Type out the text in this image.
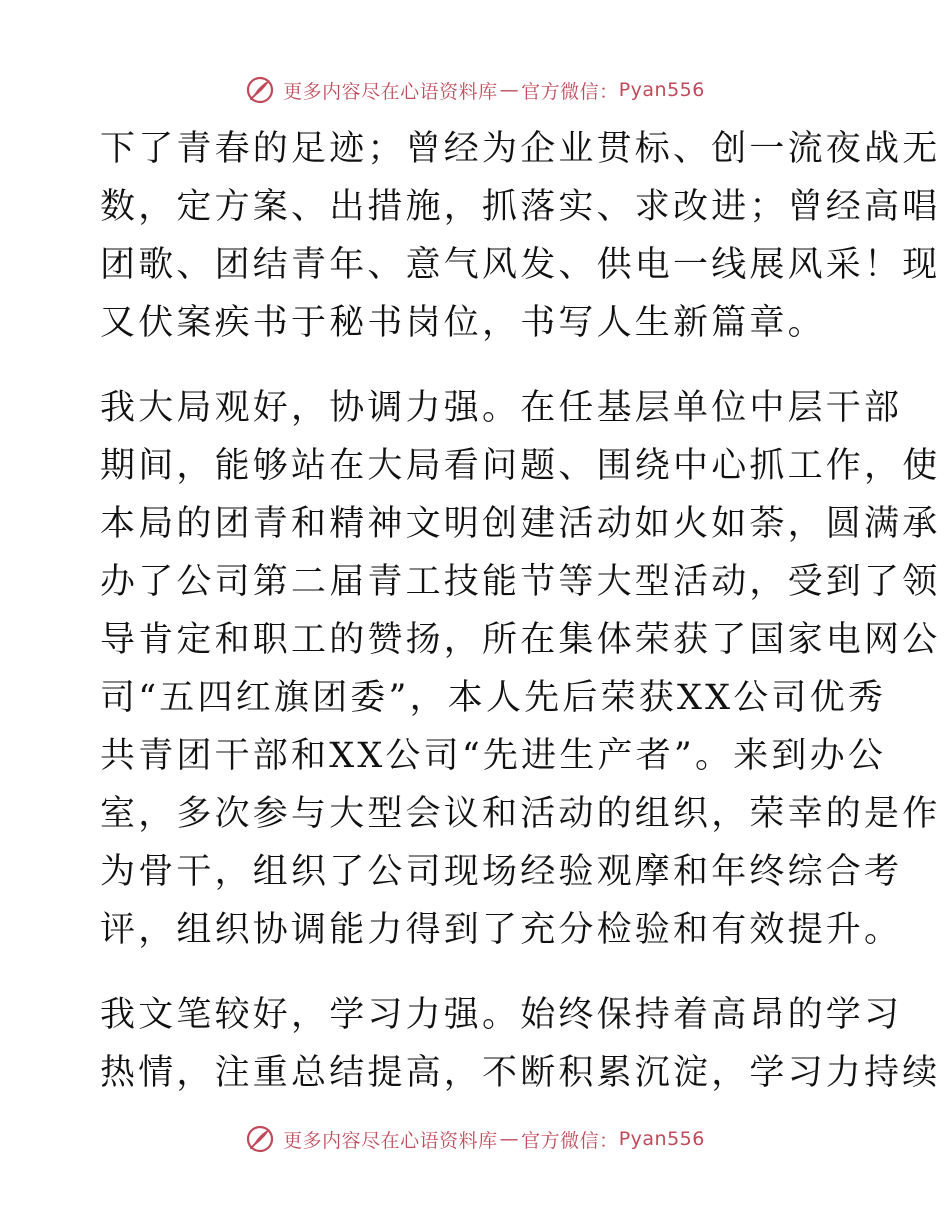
更多内容尽在心语资料库 — 官方微信： Pyan556

下了青春的足迹；曾经为企业贯标、创一流夜战无
数，定方案、出措施，抓落实、求改进；曾经高唱
团歌、团结青年、意气风发、供电一线展风采！现
又伏案疾书于秘书岗位，书写人生新篇章。

我大局观好，协调力强。在任基层单位中层干部
期间，能够站在大局看问题、围绕中心抓工作，使
本局的团青和精神文明创建活动如火如荼，圆满承
办了公司第二届青工技能节等大型活动，受到了领
导肯定和职工的赞扬，所在集体荣获了国家电网公
司“五四红旗团委”，本人先后荣获XX公司优秀
共青团干部和XX公司“先进生产者”。来到办公
室，多次参与大型会议和活动的组织，荣幸的是作
为骨干，组织了公司现场经验观摩和年终综合考
评，组织协调能力得到了充分检验和有效提升。

我文笔较好，学习力强。始终保持着高昂的学习
热情，注重总结提高，不断积累沉淀，学习力持续

更多内容尽在心语资料库 — 官方微信： Pyan556
